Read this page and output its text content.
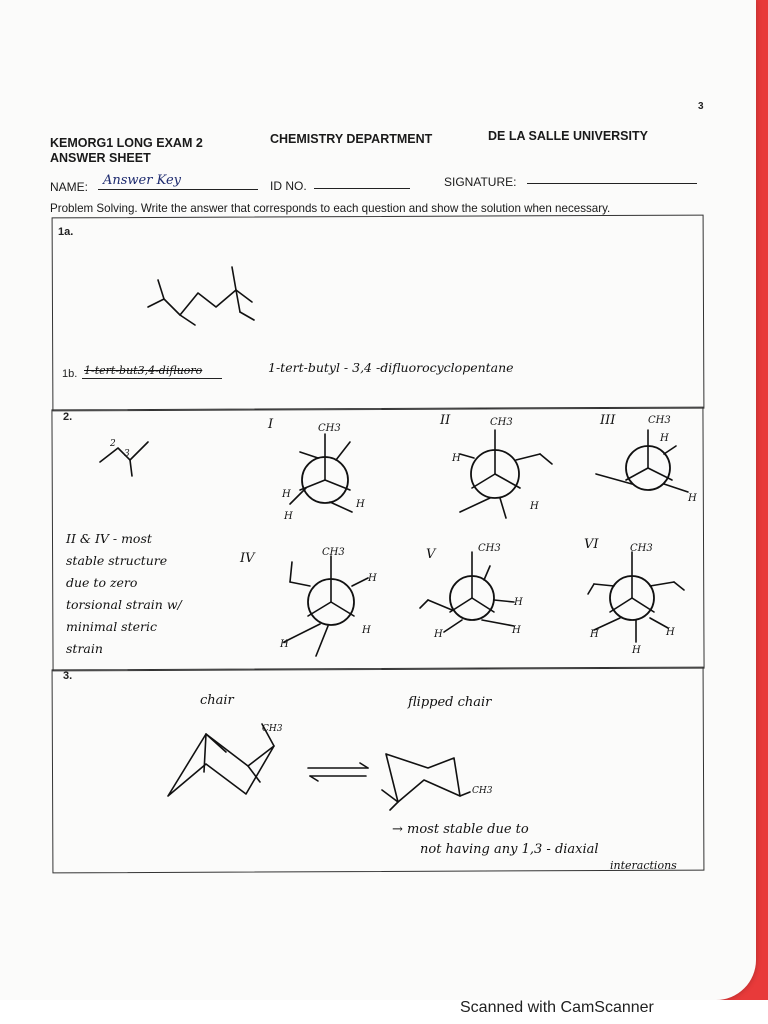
Scanned with CamScanner
3
KEMORG1 LONG EXAM 2
ANSWER SHEET
CHEMISTRY DEPARTMENT	DE LA SALLE UNIVERSITY
NAME: Answer Key	ID NO.	SIGNATURE:
Problem Solving. Write the answer that corresponds to each question and show the solution when necessary.
1a.
1b. 1-tert-but3,4-difluoro	1-tert-butyl - 3,4 -difluorocyclopentane
2.
2
3
I	CH3
H
H
H
II	CH3
H
H
III	CH3
H
H
IV	CH3
H
H
H
V	CH3
H
H	H
VI	CH3
H
H
H
II & IV - most
stable structure
due to zero
torsional strain w/
minimal steric
strain
3.
chair	flipped chair
CH3
CH3
→ most stable due to
not having any 1,3 - diaxial
interactions
